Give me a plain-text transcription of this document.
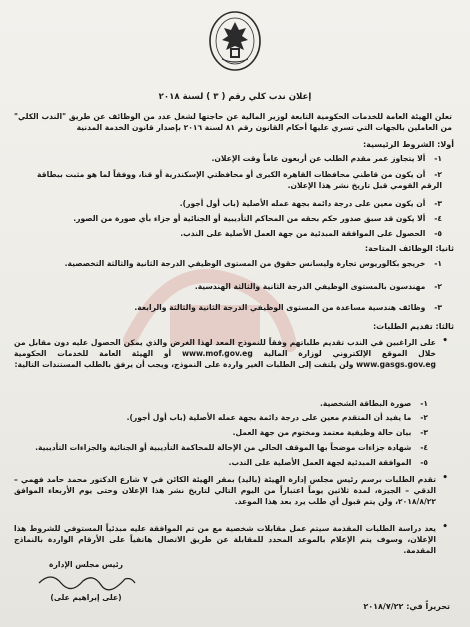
إعلان ندب كلي رقم ( ٣ ) لسنة ٢٠١٨
تعلن الهيئة العامة للخدمات الحكومية التابعة لوزير المالية عن حاجتها لشغل عدد من الوظائف عن طريق "الندب الكلي" من العاملين بالجهات التي تسري عليها أحكام القانون رقم ٨١ لسنة ٢٠١٦ بإصدار قانون الخدمة المدنية
أولا: الشروط الرئيسية:
١- ألا يتجاوز عمر مقدم الطلب عن أربعون عاماً وقت الإعلان.
٢- أن يكون من قاطني محافظات القاهرة الكبرى أو محافظتي الإسكندرية أو قنا، ووفقاً لما هو مثبت ببطاقة الرقم القومي قبل تاريخ نشر هذا الإعلان.
٣- أن يكون معين على درجة دائمة بجهة عمله الأصلية (باب أول أجور).
٤- ألا يكون قد سبق صدور حكم بحقه من المحاكم التأديبية أو الجنائية أو جزاء بأي صورة من الصور.
٥- الحصول على الموافقة المبدئية من جهة العمل الأصلية على الندب.
ثانيا: الوظائف المتاحة:
١- خريجو بكالوريوس تجارة وليسانس حقوق من المستوى الوظيفي الدرجة الثانية والثالثة التخصصية.
٢- مهندسون بالمستوى الوظيفي الدرجة الثانية والثالثة الهندسية.
٣- وظائف هندسية مساعدة من المستوى الوظيفي الدرجة الثانية والثالثة والرابعة.
ثالثا: تقديم الطلبات:
•
على الراغبين في الندب تقديم طلباتهم وفقاً للنموذج المعد لهذا الغرض والذي يمكن الحصول عليه دون مقابل من خلال الموقع الإلكتروني لوزارة المالية www.mof.gov.eg أو الهيئة العامة للخدمات الحكومية www.gasgs.gov.eg ولن يلتفت إلى الطلبات الغير واردة على النموذج، ويجب أن يرفق بالطلب المستندات التالية:
١- صورة البطاقة الشخصية.
٢- ما يفيد أن المتقدم معين على درجة دائمة بجهة عمله الأصلية (باب أول أجور).
٣- بيان حالة وظيفية معتمد ومختوم من جهة العمل.
٤- شهادة جزاءات موضحاً بها الموقف الحالي من الإحالة للمحاكمة التأديبية أو الجنائية والجزاءات التأديبية.
٥- الموافقة المبدئية لجهة العمل الأصلية على الندب.
•
تقدم الطلبات برسم رئيس مجلس إدارة الهيئة (باليد) بمقر الهيئة الكائن في ٧ شارع الدكتور محمد حامد فهمي – الدقي – الجيزة، لمدة ثلاثين يوماً اعتباراً من اليوم التالي لتاريخ نشر هذا الإعلان وحتى يوم الأربعاء الموافق ٢٠١٨/٨/٢٢، ولن يتم قبول أي طلب يرد بعد هذا الموعد.
•
يعد دراسة الطلبات المقدمة سيتم عمل مقابلات شخصية مع من تم الموافقة عليه مبدئياً المستوفي للشروط هذا الإعلان، وسوف يتم الإعلام بالموعد المحدد للمقابلة عن طريق الاتصال هاتفياً على الأرقام الواردة بالنماذج المقدمة.
رئيس مجلس الإدارة
(على إبراهيم على)
تحريراً في: ٢٠١٨/٧/٢٢
